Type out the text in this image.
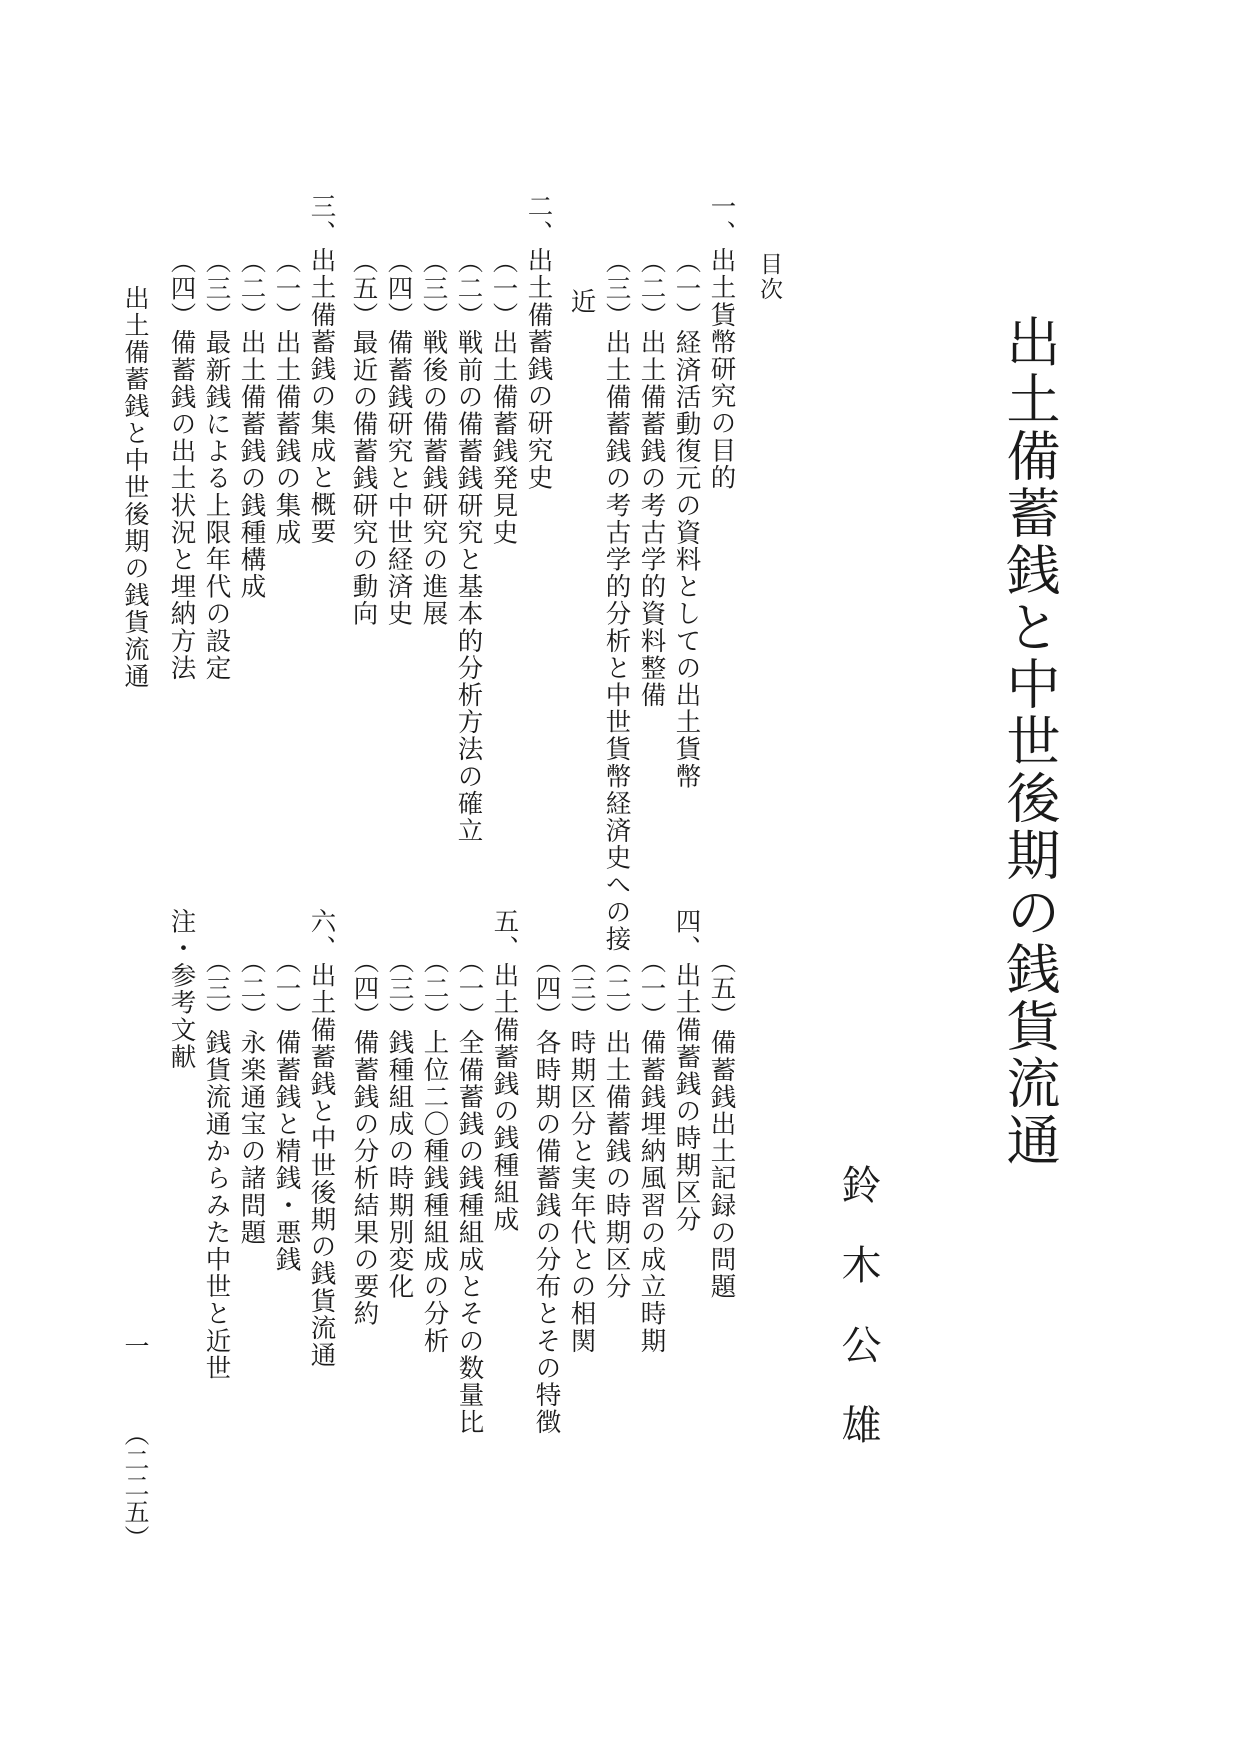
出土備蓄銭と中世後期の銭貨流通
鈴木公雄
目次
一、出土貨幣研究の目的
（一）経済活動復元の資料としての出土貨幣
（二）出土備蓄銭の考古学的資料整備
（三）出土備蓄銭の考古学的分析と中世貨幣経済史への接
近
二、出土備蓄銭の研究史
（一）出土備蓄銭発見史
（二）戦前の備蓄銭研究と基本的分析方法の確立
（三）戦後の備蓄銭研究の進展
（四）備蓄銭研究と中世経済史
（五）最近の備蓄銭研究の動向
三、出土備蓄銭の集成と概要
（一）出土備蓄銭の集成
（二）出土備蓄銭の銭種構成
（三）最新銭による上限年代の設定
（四）備蓄銭の出土状況と埋納方法
（五）備蓄銭出土記録の問題
四、出土備蓄銭の時期区分
（一）備蓄銭埋納風習の成立時期
（二）出土備蓄銭の時期区分
（三）時期区分と実年代との相関
（四）各時期の備蓄銭の分布とその特徴
五、出土備蓄銭の銭種組成
（一）全備蓄銭の銭種組成とその数量比
（二）上位二〇種銭種組成の分析
（三）銭種組成の時期別変化
（四）備蓄銭の分析結果の要約
六、出土備蓄銭と中世後期の銭貨流通
（一）備蓄銭と精銭・悪銭
（二）永楽通宝の諸問題
（三）銭貨流通からみた中世と近世
注・参考文献
出土備蓄銭と中世後期の銭貨流通
一（二二五）
